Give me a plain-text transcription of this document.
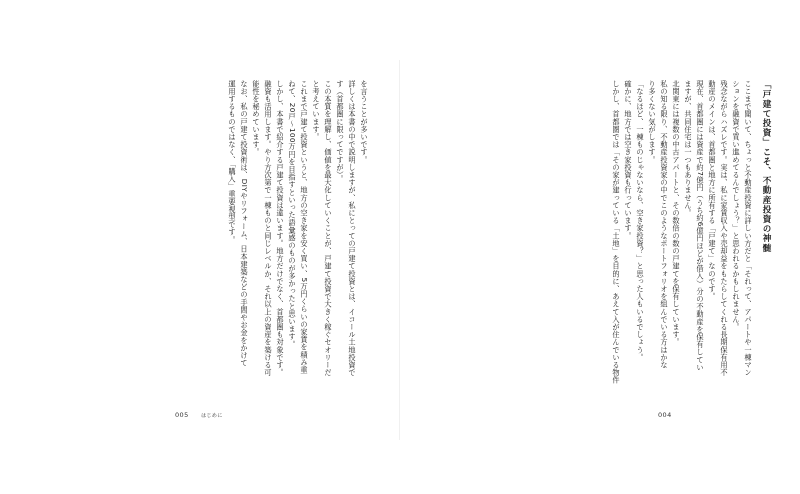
を言うことが多いです。

詳しくは本書の中で説明しますが、私にとっての戸建て投資とは、イコール土地投資で

す（首都圏に限ってですが）。

この本質を理解し、価値を最大化していくことが、戸建て投資で大きく稼ぐセオリーだ

と考えています。

これまで戸建て投資というと、地方の空き家を安く買い、5万円くらいの家賃を積み重

ねて、20戸～100万円を目指すといった語彙感のものが多かったと思います。

しかし、本書で紹介する戸建て投資は違います。地方だけでなく、首都圏も対象です。

融資も活用します。やり方次第で一棟ものと同じレベルか、それ以上の資産を築ける可

能性を秘めています。

なお、私の戸建て投資術は、DIYやリフォーム、日本建築などの手間やお金をかけて

運用するものではなく、「購入」重要視型です。

005 はじめに
「戸建て投資」こそ、不動産投資の神髄

ここまで聞いて、ちょっと不動産投資に詳しい方だと「それって、アパートや一棟マン

ションを融資で買い進めてるんでしょう？」と思われるかもしれません。

残念ながらハズレです。実は、私に家賃収入や売却益をもたらしてくれる長期保有用不

動産のメインは、首都圏と地方に所有する「戸建て」なのです。

現在、首都圏には資産で約7億円（うち約6億円ほどが借入）分の不動産を保有してい

ますが、共同住宅は一つもありません。

北関東には複数の中古アパートと、その数倍の数の戸建てを保有しています。

私の知る限り、不動産投資家の中でこのようなポートフォリオを組んでいる方はかな

り多くない気がします。

「なるほど、一棟ものじゃないなら、空き家投資？」と思った人もいるでしょう。

確かに、地方では空き家投資も行っています。

しかし、首都圏では「その家が建っている「土地」を目的に、あえて入が住んでいる物件

004
